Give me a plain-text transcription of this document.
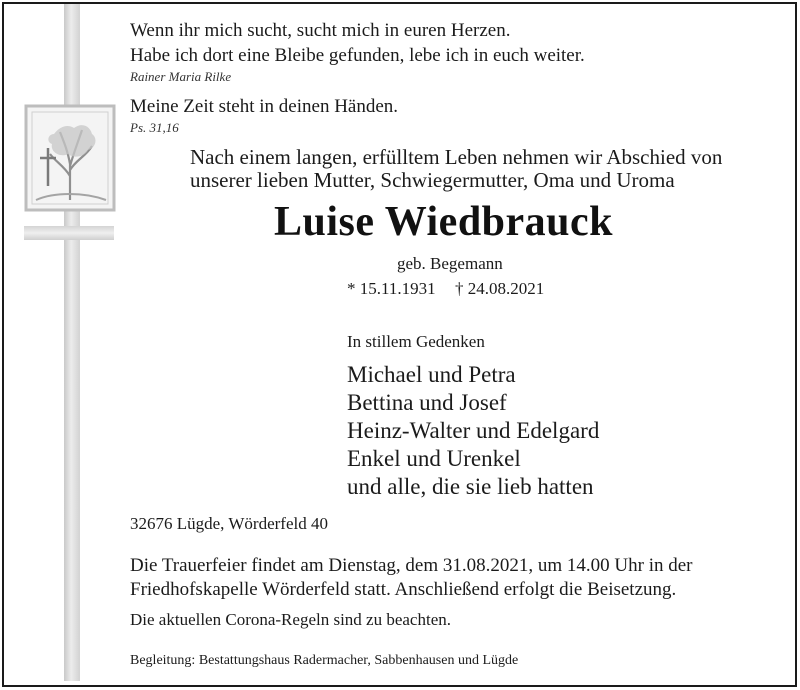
Wenn ihr mich sucht, sucht mich in euren Herzen.
Habe ich dort eine Bleibe gefunden, lebe ich in euch weiter.
Rainer Maria Rilke
Meine Zeit steht in deinen Händen.
Ps. 31,16
Nach einem langen, erfülltem Leben nehmen wir Abschied von
unserer lieben Mutter, Schwiegermutter, Oma und Uroma
Luise Wiedbrauck
geb. Begemann
* 15.11.1931 † 24.08.2021
In stillem Gedenken
Michael und Petra
Bettina und Josef
Heinz-Walter und Edelgard
Enkel und Urenkel
und alle, die sie lieb hatten
32676 Lügde, Wörderfeld 40
Die Trauerfeier findet am Dienstag, dem 31.08.2021, um 14.00 Uhr in der
Friedhofskapelle Wörderfeld statt. Anschließend erfolgt die Beisetzung.
Die aktuellen Corona-Regeln sind zu beachten.
Begleitung: Bestattungshaus Radermacher, Sabbenhausen und Lügde
